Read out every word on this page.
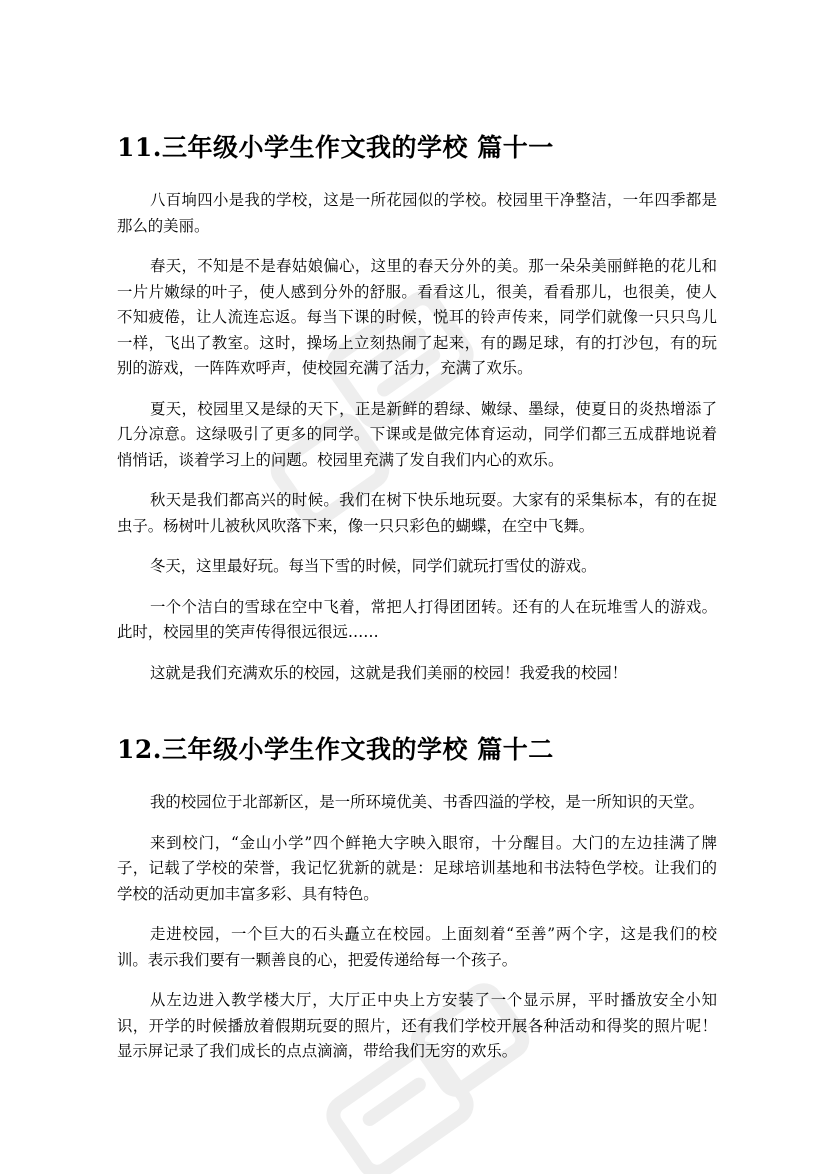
11.三年级小学生作文我的学校 篇十一

八百垧四小是我的学校，这是一所花园似的学校。校园里干净整洁，一年四季都是那么的美丽。

春天，不知是不是春姑娘偏心，这里的春天分外的美。那一朵朵美丽鲜艳的花儿和一片片嫩绿的叶子，使人感到分外的舒服。看看这儿，很美，看看那儿，也很美，使人不知疲倦，让人流连忘返。每当下课的时候，悦耳的铃声传来，同学们就像一只只鸟儿一样，飞出了教室。这时，操场上立刻热闹了起来，有的踢足球，有的打沙包，有的玩别的游戏，一阵阵欢呼声，使校园充满了活力，充满了欢乐。

夏天，校园里又是绿的天下，正是新鲜的碧绿、嫩绿、墨绿，使夏日的炎热增添了几分凉意。这绿吸引了更多的同学。下课或是做完体育运动，同学们都三五成群地说着悄悄话，谈着学习上的问题。校园里充满了发自我们内心的欢乐。

秋天是我们都高兴的时候。我们在树下快乐地玩耍。大家有的采集标本，有的在捉虫子。杨树叶儿被秋风吹落下来，像一只只彩色的蝴蝶，在空中飞舞。

冬天，这里最好玩。每当下雪的时候，同学们就玩打雪仗的游戏。

一个个洁白的雪球在空中飞着，常把人打得团团转。还有的人在玩堆雪人的游戏。此时，校园里的笑声传得很远很远……

这就是我们充满欢乐的校园，这就是我们美丽的校园！我爱我的校园！

12.三年级小学生作文我的学校 篇十二

我的校园位于北部新区，是一所环境优美、书香四溢的学校，是一所知识的天堂。

来到校门，“金山小学”四个鲜艳大字映入眼帘，十分醒目。大门的左边挂满了牌子，记载了学校的荣誉，我记忆犹新的就是：足球培训基地和书法特色学校。让我们的学校的活动更加丰富多彩、具有特色。

走进校园，一个巨大的石头矗立在校园。上面刻着“至善”两个字，这是我们的校训。表示我们要有一颗善良的心，把爱传递给每一个孩子。

从左边进入教学楼大厅，大厅正中央上方安装了一个显示屏，平时播放安全小知识，开学的时候播放着假期玩耍的照片，还有我们学校开展各种活动和得奖的照片呢！显示屏记录了我们成长的点点滴滴，带给我们无穷的欢乐。
